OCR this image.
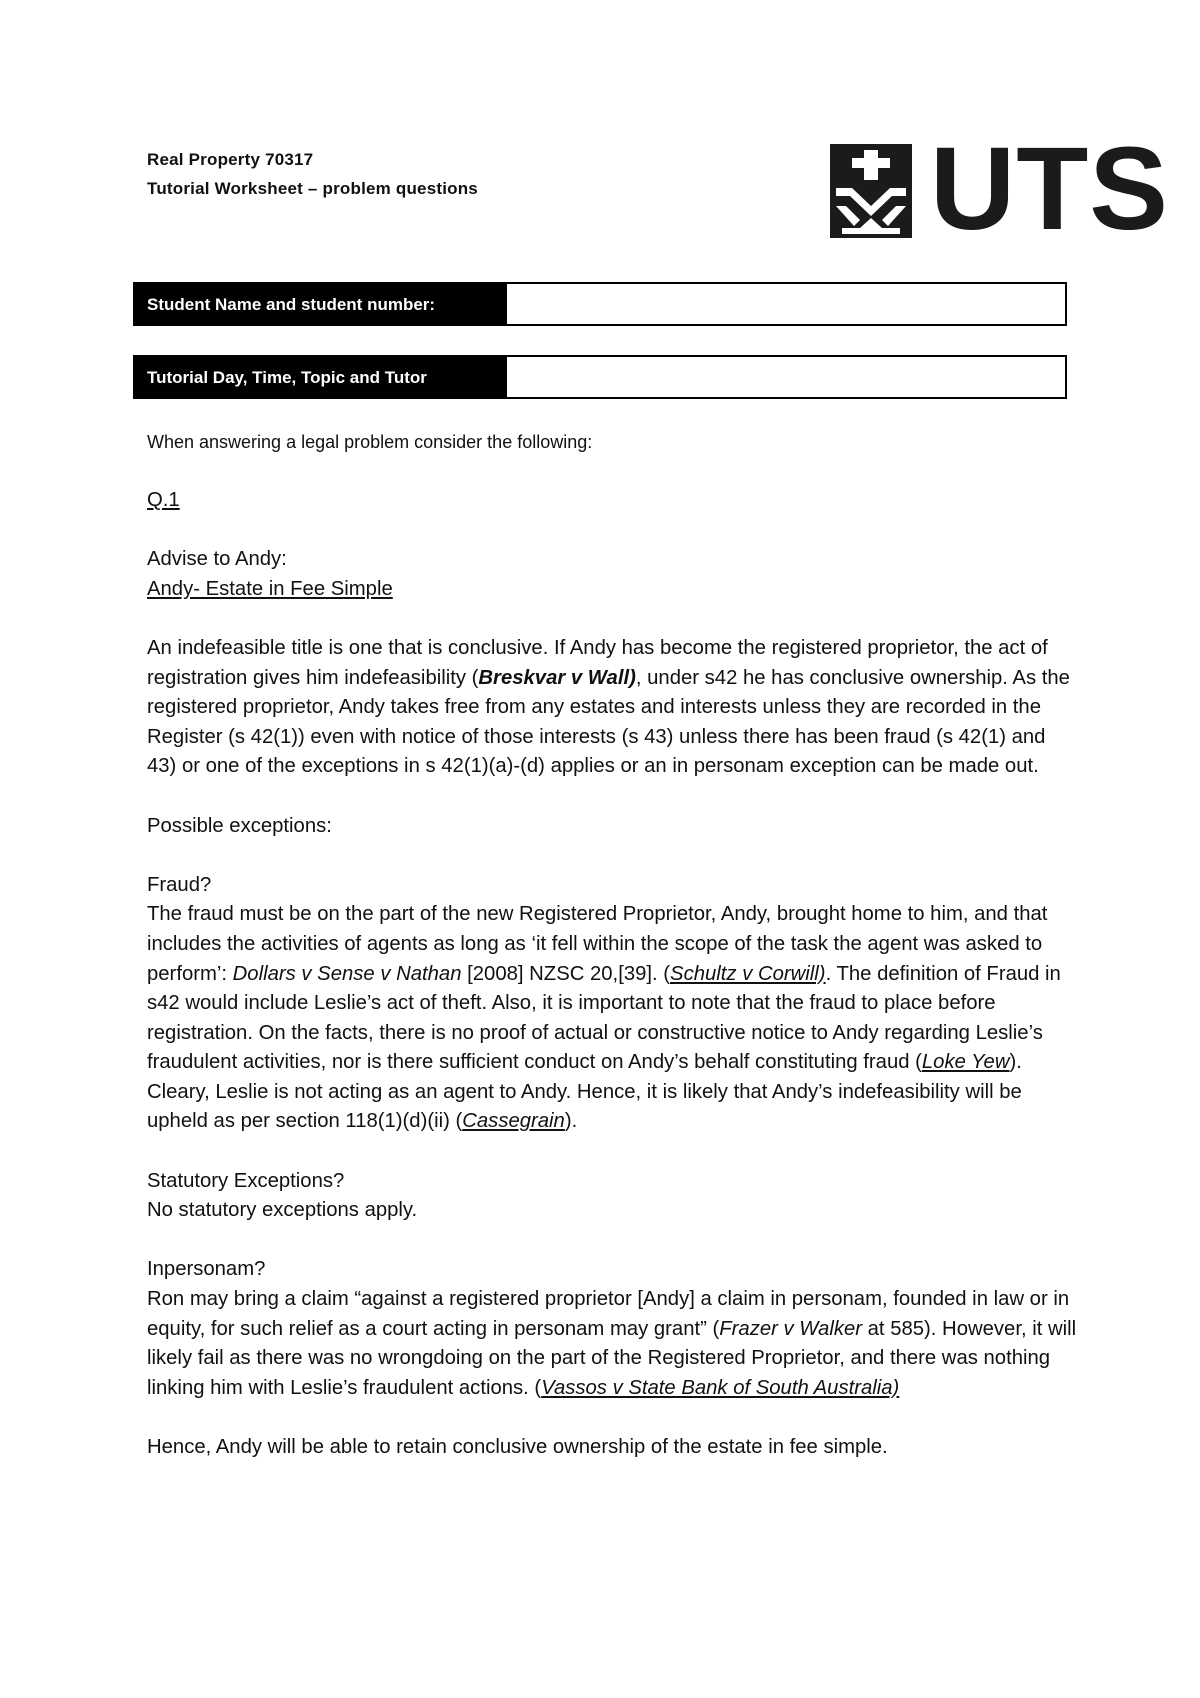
Real Property 70317
Tutorial Worksheet – problem questions	UTS
Student Name and student number:
Tutorial Day, Time, Topic and Tutor
When answering a legal problem consider the following:

Q.1

Advise to Andy:

Andy- Estate in Fee Simple

An indefeasible title is one that is conclusive. If Andy has become the registered proprietor, the act of registration gives him indefeasibility (Breskvar v Wall), under s42 he has conclusive ownership. As the registered proprietor, Andy takes free from any estates and interests unless they are recorded in the Register (s 42(1)) even with notice of those interests (s 43) unless there has been fraud (s 42(1) and 43) or one of the exceptions in s 42(1)(a)-(d) applies or an in personam exception can be made out.

Possible exceptions:

Fraud?

The fraud must be on the part of the new Registered Proprietor, Andy, brought home to him, and that includes the activities of agents as long as ‘it fell within the scope of the task the agent was asked to perform’: Dollars v Sense v Nathan [2008] NZSC 20,[39]. (Schultz v Corwill). The definition of Fraud in s42 would include Leslie’s act of theft. Also, it is important to note that the fraud to place before registration. On the facts, there is no proof of actual or constructive notice to Andy regarding Leslie’s fraudulent activities, nor is there sufficient conduct on Andy’s behalf constituting fraud (Loke Yew). Cleary, Leslie is not acting as an agent to Andy. Hence, it is likely that Andy’s indefeasibility will be upheld as per section 118(1)(d)(ii) (Cassegrain).

Statutory Exceptions?

No statutory exceptions apply.

Inpersonam?

Ron may bring a claim “against a registered proprietor [Andy] a claim in personam, founded in law or in equity, for such relief as a court acting in personam may grant” (Frazer v Walker at 585). However, it will likely fail as there was no wrongdoing on the part of the Registered Proprietor, and there was nothing linking him with Leslie’s fraudulent actions. (Vassos v State Bank of South Australia)

Hence, Andy will be able to retain conclusive ownership of the estate in fee simple.
